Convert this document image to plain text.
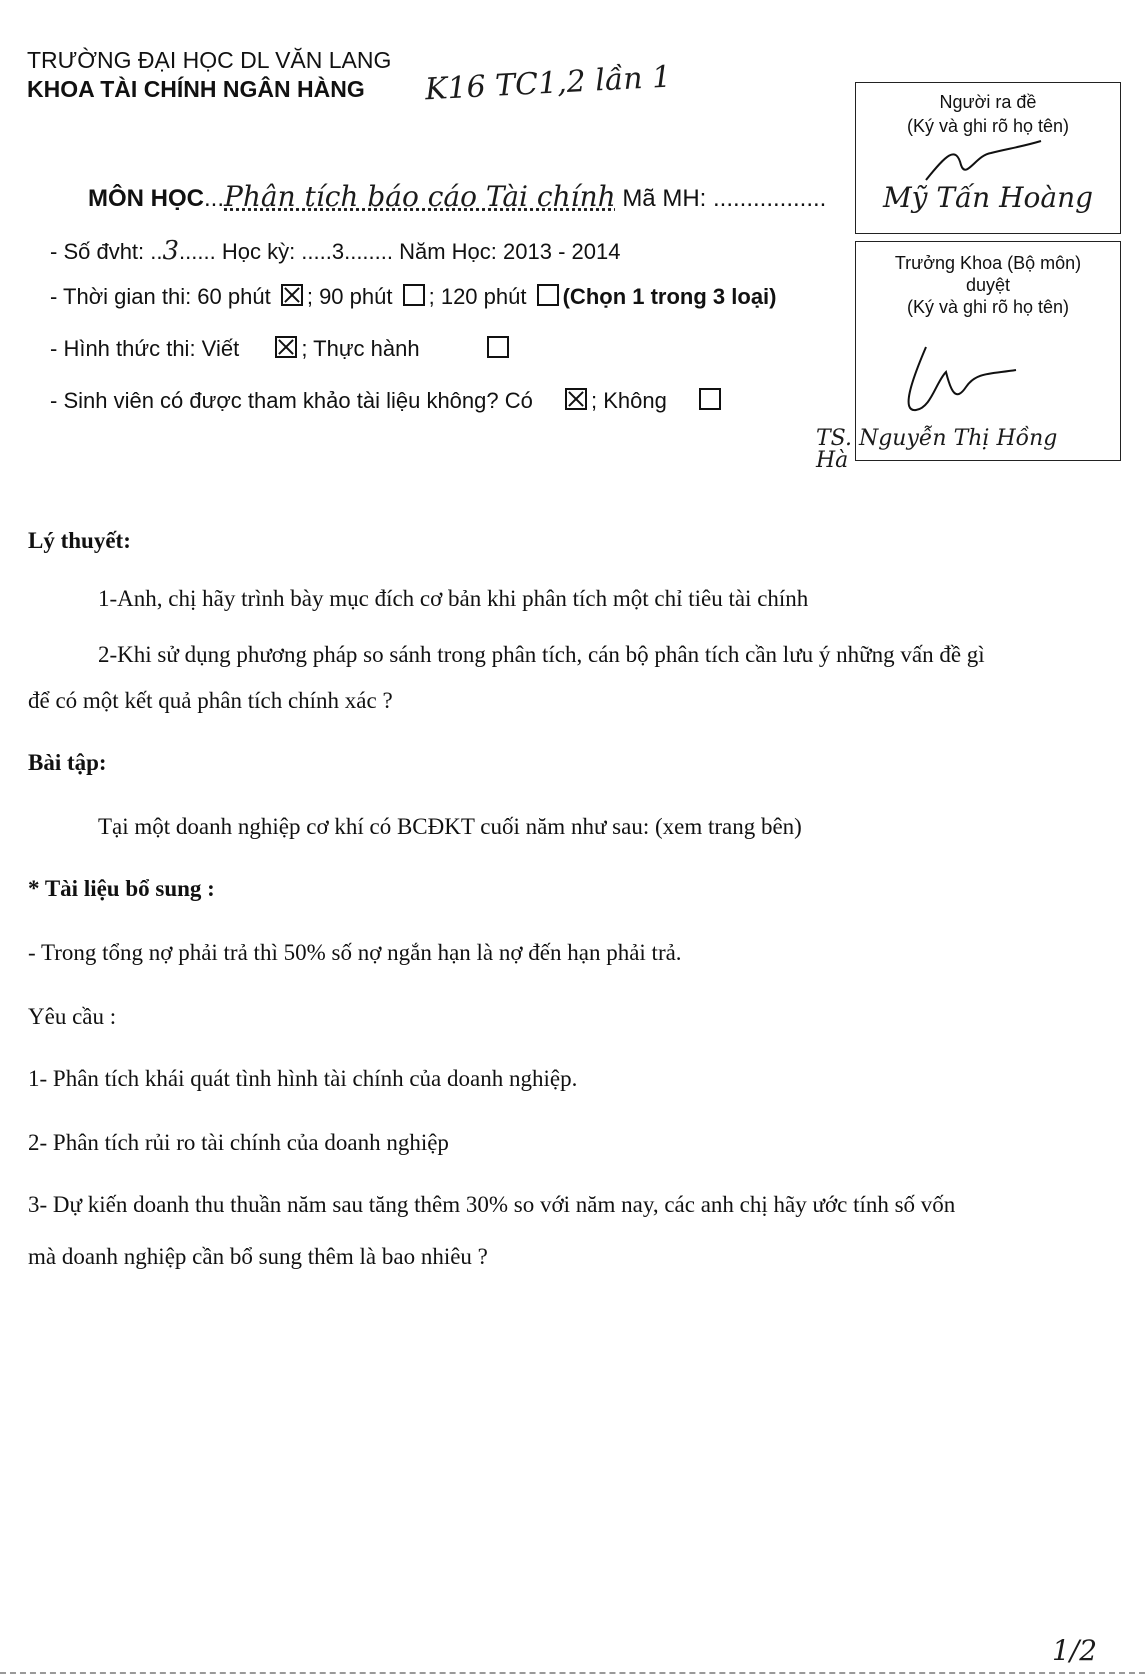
TRƯỜNG ĐẠI HỌC DL VĂN LANG
KHOA TÀI CHÍNH NGÂN HÀNG K16 TC1,2 lần 1
MÔN HỌC...Phân tích báo cáo Tài chính Mã MH: .................
- Số đvht: ..3...... Học kỳ: .....3........ Năm Học: 2013 - 2014
- Thời gian thi: 60 phút ; 90 phút ; 120 phút (Chọn 1 trong 3 loại)
- Hình thức thi: Viết	; Thực hành
- Sinh viên có được tham khảo tài liệu không? Có	; Không
Người ra đề
(Ký và ghi rõ họ tên)
Mỹ Tấn Hoàng
Trưởng Khoa (Bộ môn)
duyệt
(Ký và ghi rõ họ tên)
TS. Nguyễn Thị Hồng Hà
Lý thuyết:
1-Anh, chị hãy trình bày mục đích cơ bản khi phân tích một chỉ tiêu tài chính
2-Khi sử dụng phương pháp so sánh trong phân tích, cán bộ phân tích cần lưu ý những vấn đề gì
để có một kết quả phân tích chính xác ?
Bài tập:
Tại một doanh nghiệp cơ khí có BCĐKT cuối năm như sau: (xem trang bên)
* Tài liệu bổ sung :
- Trong tổng nợ phải trả thì 50% số nợ ngắn hạn là nợ đến hạn phải trả.
Yêu cầu :
1- Phân tích khái quát tình hình tài chính của doanh nghiệp.
2- Phân tích rủi ro tài chính của doanh nghiệp
3- Dự kiến doanh thu thuần năm sau tăng thêm 30% so với năm nay, các anh chị hãy ước tính số vốn
mà doanh nghiệp cần bổ sung thêm là bao nhiêu ?
1/2
